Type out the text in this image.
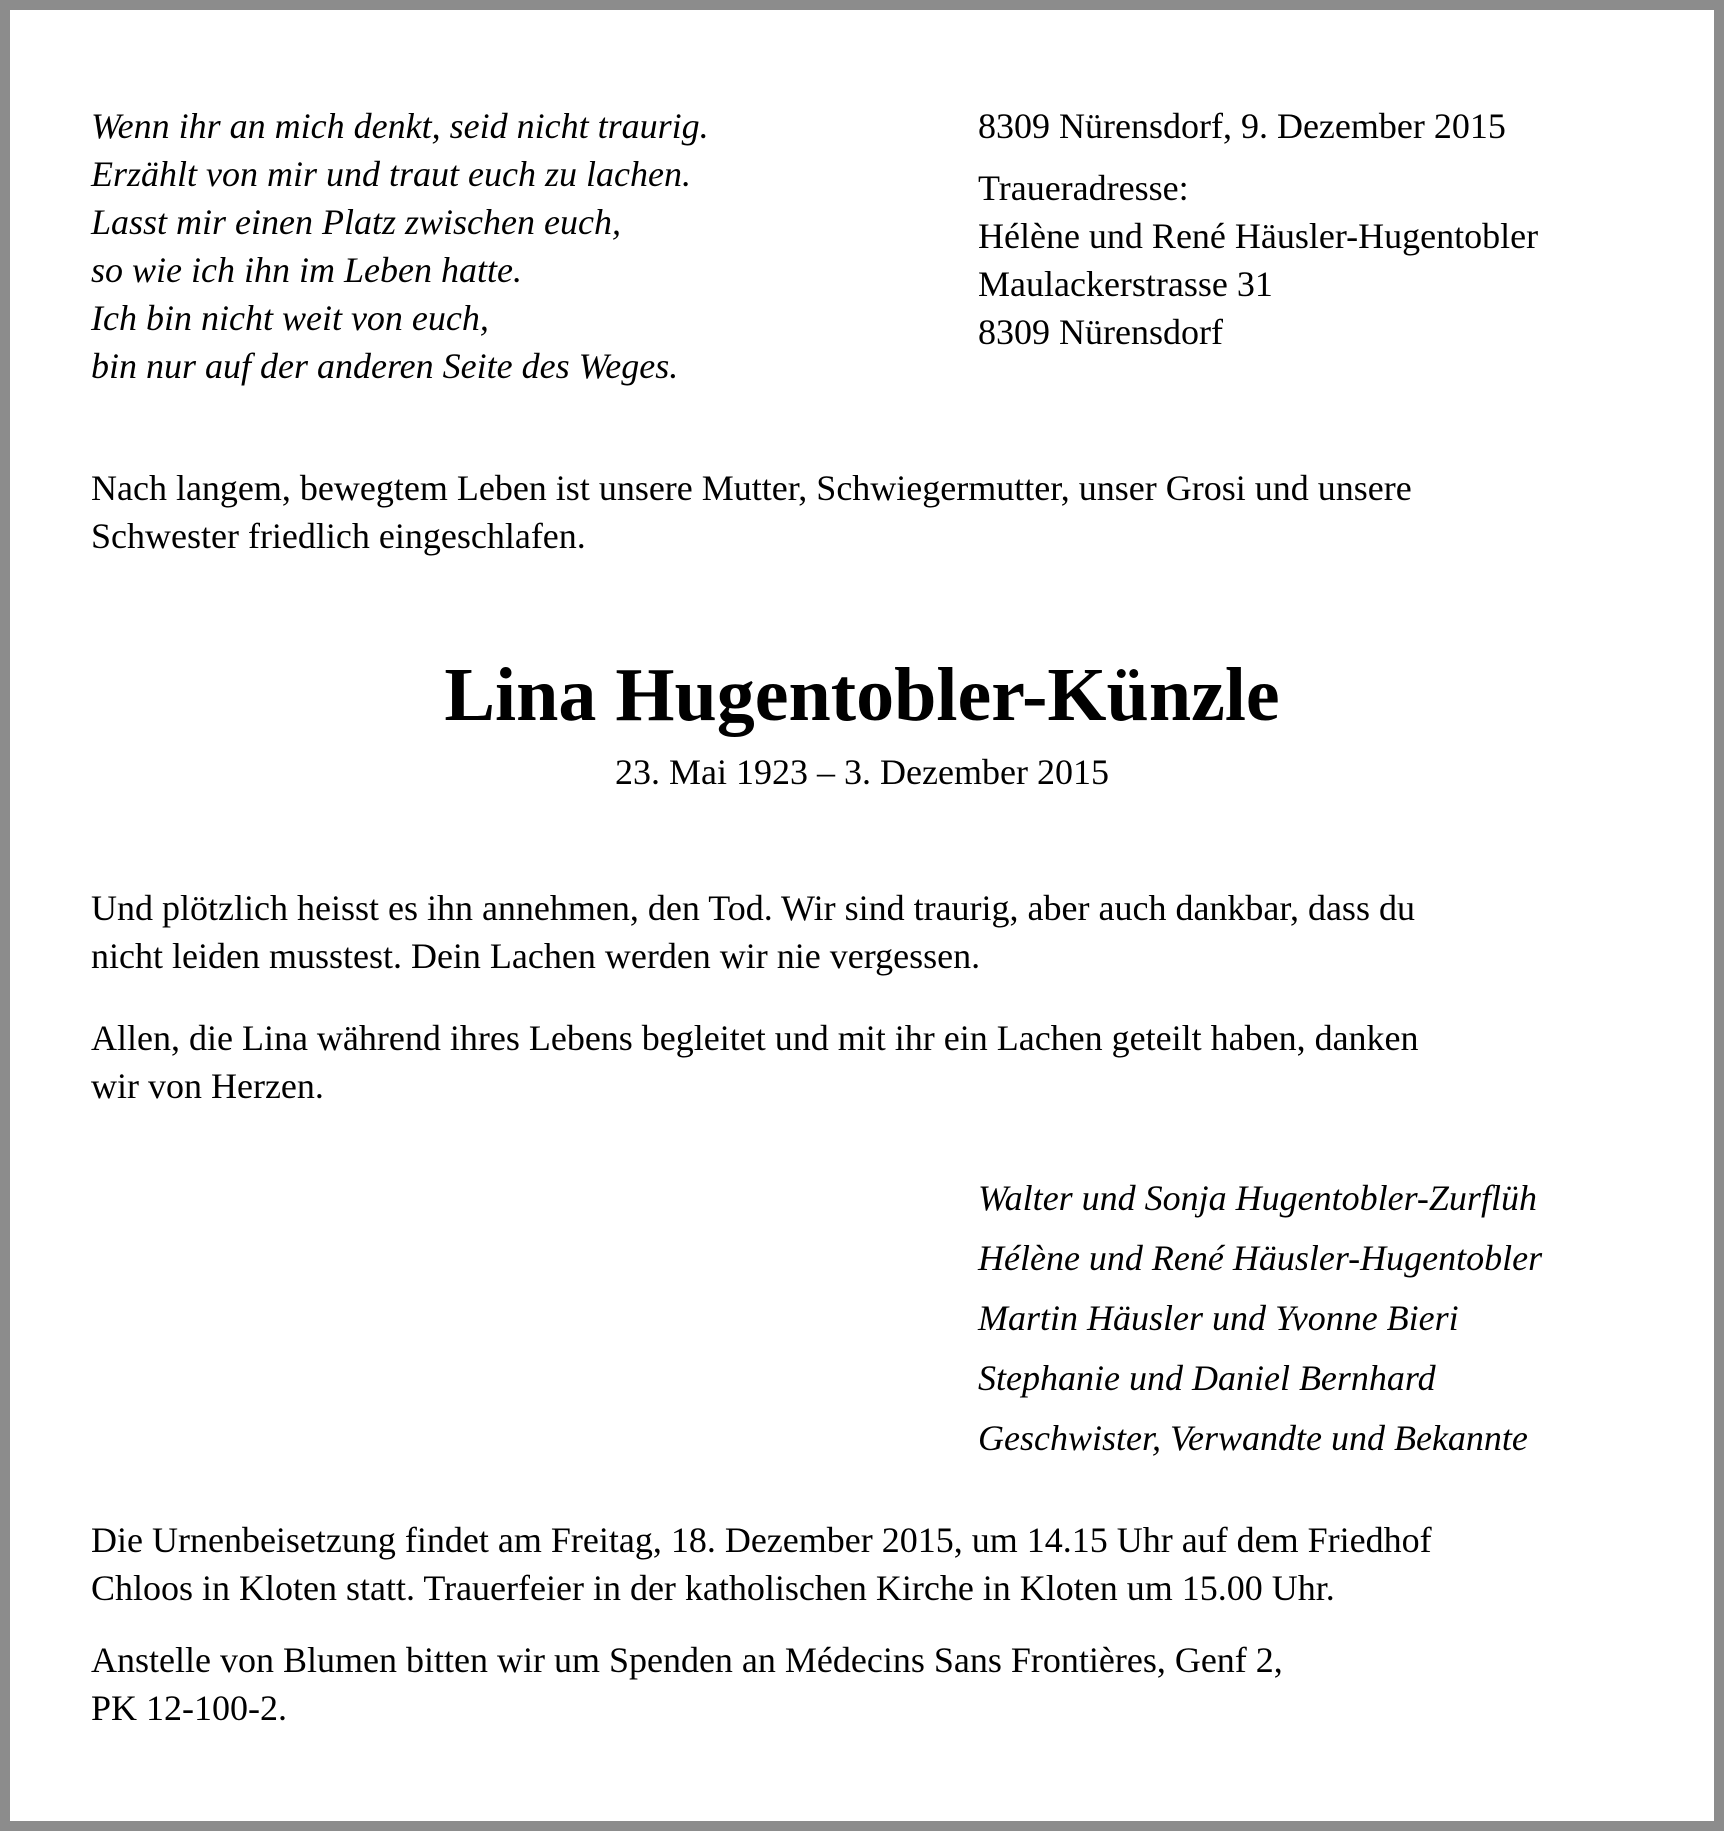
Wenn ihr an mich denkt, seid nicht traurig.
Erzählt von mir und traut euch zu lachen.
Lasst mir einen Platz zwischen euch,
so wie ich ihn im Leben hatte.
Ich bin nicht weit von euch,
bin nur auf der anderen Seite des Weges.
8309 Nürensdorf, 9. Dezember 2015
Traueradresse:
Hélène und René Häusler-Hugentobler
Maulackerstrasse 31
8309 Nürensdorf
Nach langem, bewegtem Leben ist unsere Mutter, Schwiegermutter, unser Grosi und unsere
Schwester friedlich eingeschlafen.
Lina Hugentobler-Künzle
23. Mai 1923 – 3. Dezember 2015
Und plötzlich heisst es ihn annehmen, den Tod. Wir sind traurig, aber auch dankbar, dass du
nicht leiden musstest. Dein Lachen werden wir nie vergessen.
Allen, die Lina während ihres Lebens begleitet und mit ihr ein Lachen geteilt haben, danken
wir von Herzen.
Walter und Sonja Hugentobler-Zurflüh
Hélène und René Häusler-Hugentobler
Martin Häusler und Yvonne Bieri
Stephanie und Daniel Bernhard
Geschwister, Verwandte und Bekannte
Die Urnenbeisetzung findet am Freitag, 18. Dezember 2015, um 14.15 Uhr auf dem Friedhof
Chloos in Kloten statt. Trauerfeier in der katholischen Kirche in Kloten um 15.00 Uhr.
Anstelle von Blumen bitten wir um Spenden an Médecins Sans Frontières, Genf 2,
PK 12-100-2.
